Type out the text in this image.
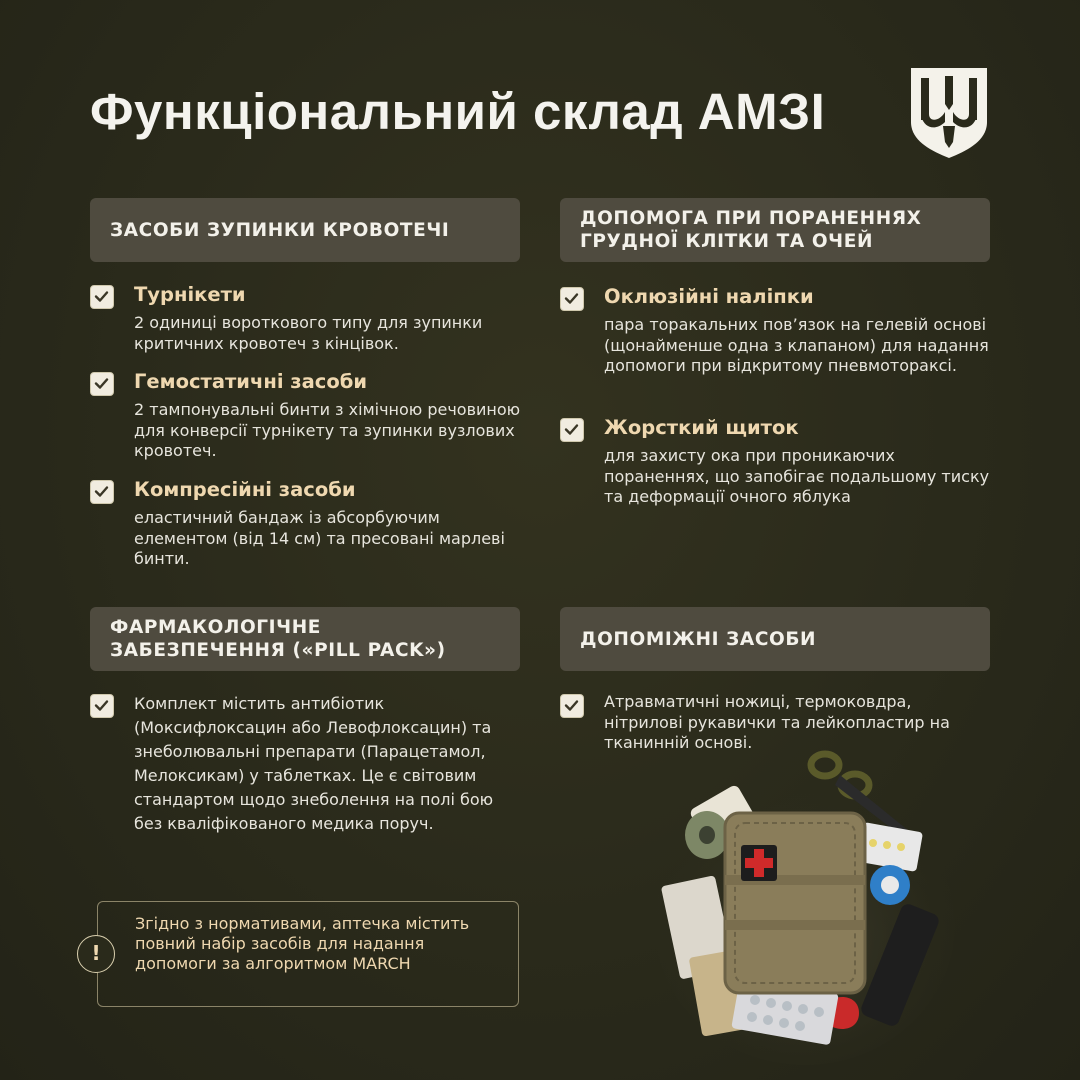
Функціональний склад АМЗІ
ЗАСОБИ ЗУПИНКИ КРОВОТЕЧІ
Турнікети
2 одиниці вороткового типу для зупинки критичних кровотеч з кінцівок.
Гемостатичні засоби
2 тампонувальні бинти з хімічною речовиною для конверсії турнікету та зупинки вузлових кровотеч.
Компресійні засоби
еластичний бандаж із абсорбуючим елементом (від 14 см) та пресовані марлеві бинти.
ДОПОМОГА ПРИ ПОРАНЕННЯХ ГРУДНОЇ КЛІТКИ ТА ОЧЕЙ
Оклюзійні наліпки
пара торакальних пов’язок на гелевій основі (щонайменше одна з клапаном) для надання допомоги при відкритому пневмотораксі.
Жорсткий щиток
для захисту ока при проникаючих пораненнях, що запобігає подальшому тиску та деформації очного яблука
ФАРМАКОЛОГІЧНЕ ЗАБЕЗПЕЧЕННЯ («PILL PACK»)
Комплект містить антибіотик (Моксифлоксацин або Левофлоксацин) та знеболювальні препарати (Парацетамол, Мелоксикам) у таблетках. Це є світовим стандартом щодо знеболення на полі бою без кваліфікованого медика поруч.
ДОПОМІЖНІ ЗАСОБИ
Атравматичні ножиці, термоковдра, нітрилові рукавички та лейкопластир на тканинній основі.
!
Згідно з нормативами, аптечка містить повний набір засобів для надання допомоги за алгоритмом MARCH
